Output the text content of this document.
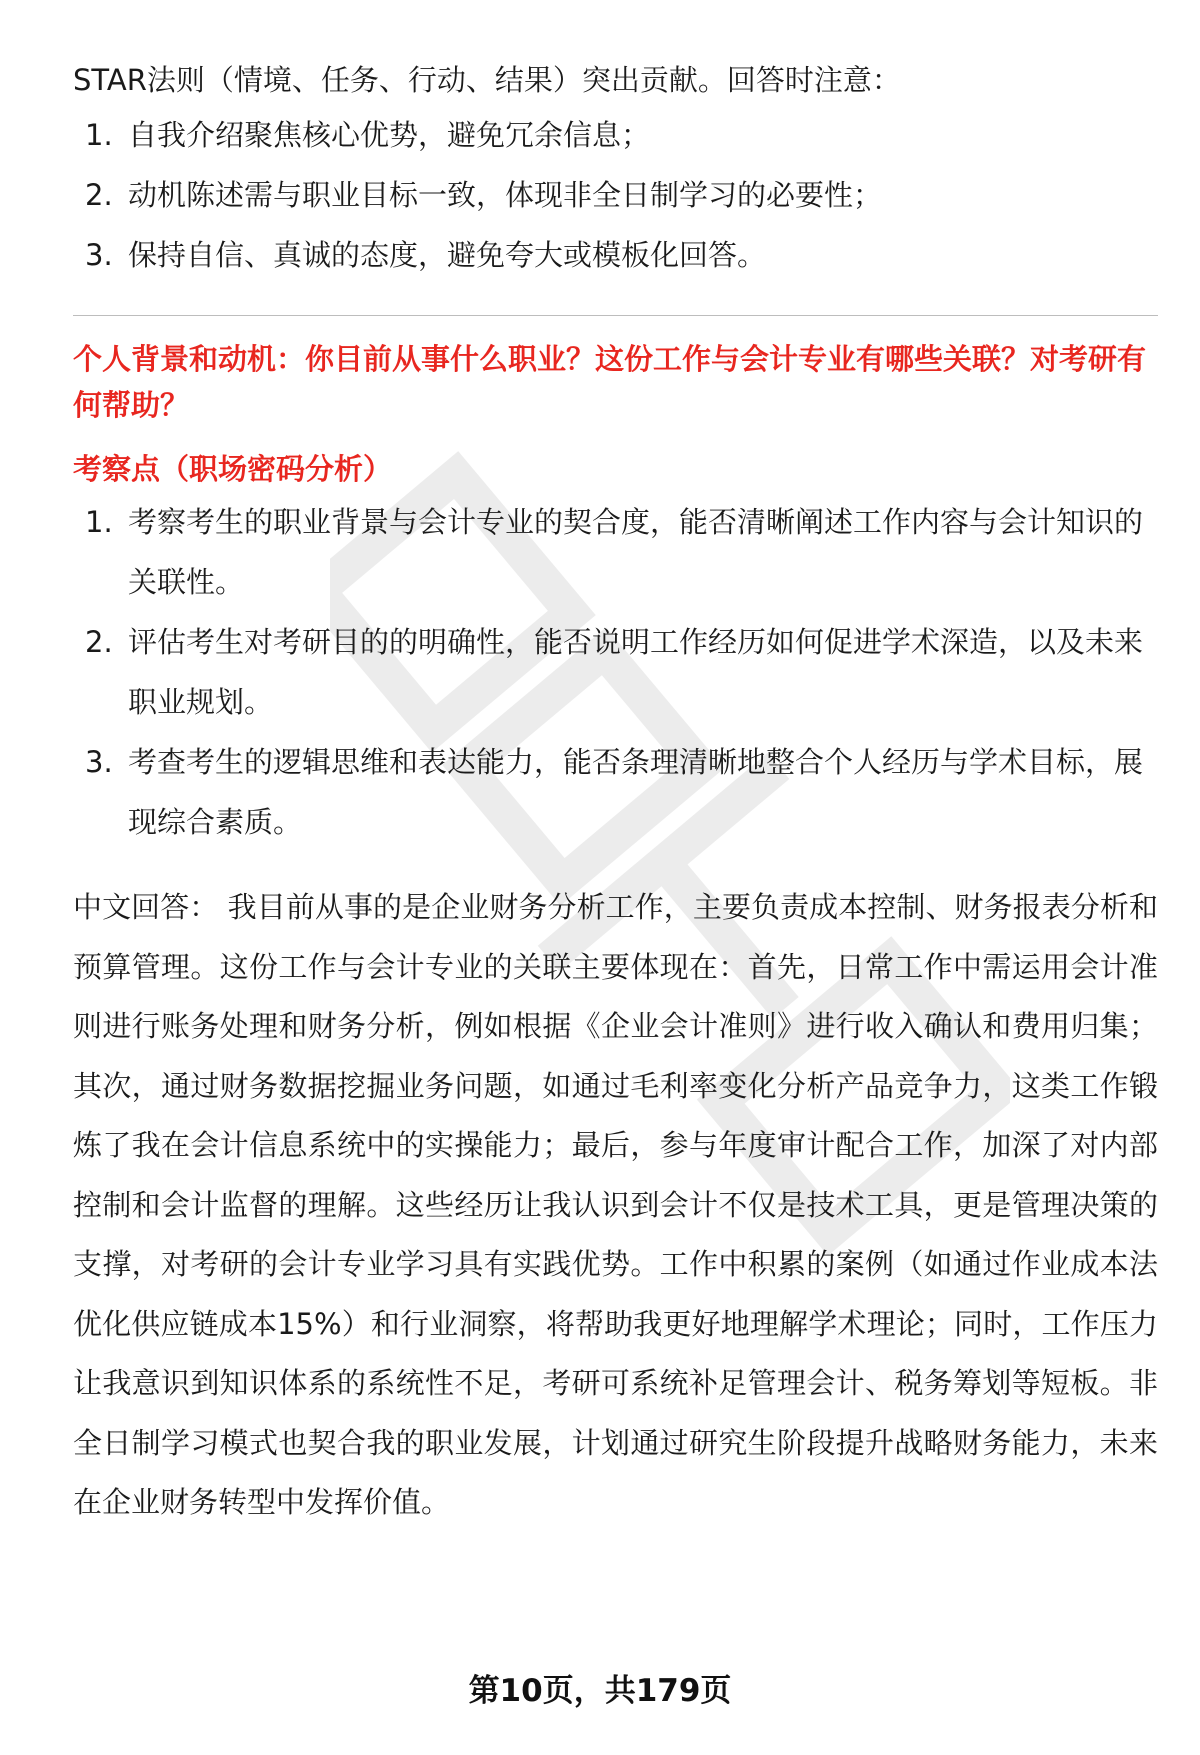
STAR法则（情境、任务、行动、结果）突出贡献。回答时注意：

1. 自我介绍聚焦核心优势，避免冗余信息；
2. 动机陈述需与职业目标一致，体现非全日制学习的必要性；
3. 保持自信、真诚的态度，避免夸大或模板化回答。

个人背景和动机：你目前从事什么职业？这份工作与会计专业有哪些关联？对考研有何帮助？

考察点（职场密码分析）

1. 考察考生的职业背景与会计专业的契合度，能否清晰阐述工作内容与会计知识的关联性。
2. 评估考生对考研目的的明确性，能否说明工作经历如何促进学术深造，以及未来职业规划。
3. 考查考生的逻辑思维和表达能力，能否条理清晰地整合个人经历与学术目标，展现综合素质。

中文回答： 我目前从事的是企业财务分析工作，主要负责成本控制、财务报表分析和预算管理。这份工作与会计专业的关联主要体现在：首先，日常工作中需运用会计准则进行账务处理和财务分析，例如根据《企业会计准则》进行收入确认和费用归集；其次，通过财务数据挖掘业务问题，如通过毛利率变化分析产品竞争力，这类工作锻炼了我在会计信息系统中的实操能力；最后，参与年度审计配合工作，加深了对内部控制和会计监督的理解。这些经历让我认识到会计不仅是技术工具，更是管理决策的支撑，对考研的会计专业学习具有实践优势。工作中积累的案例（如通过作业成本法优化供应链成本15%）和行业洞察，将帮助我更好地理解学术理论；同时，工作压力让我意识到知识体系的系统性不足，考研可系统补足管理会计、税务筹划等短板。非全日制学习模式也契合我的职业发展，计划通过研究生阶段提升战略财务能力，未来在企业财务转型中发挥价值。

第10页，共179页
